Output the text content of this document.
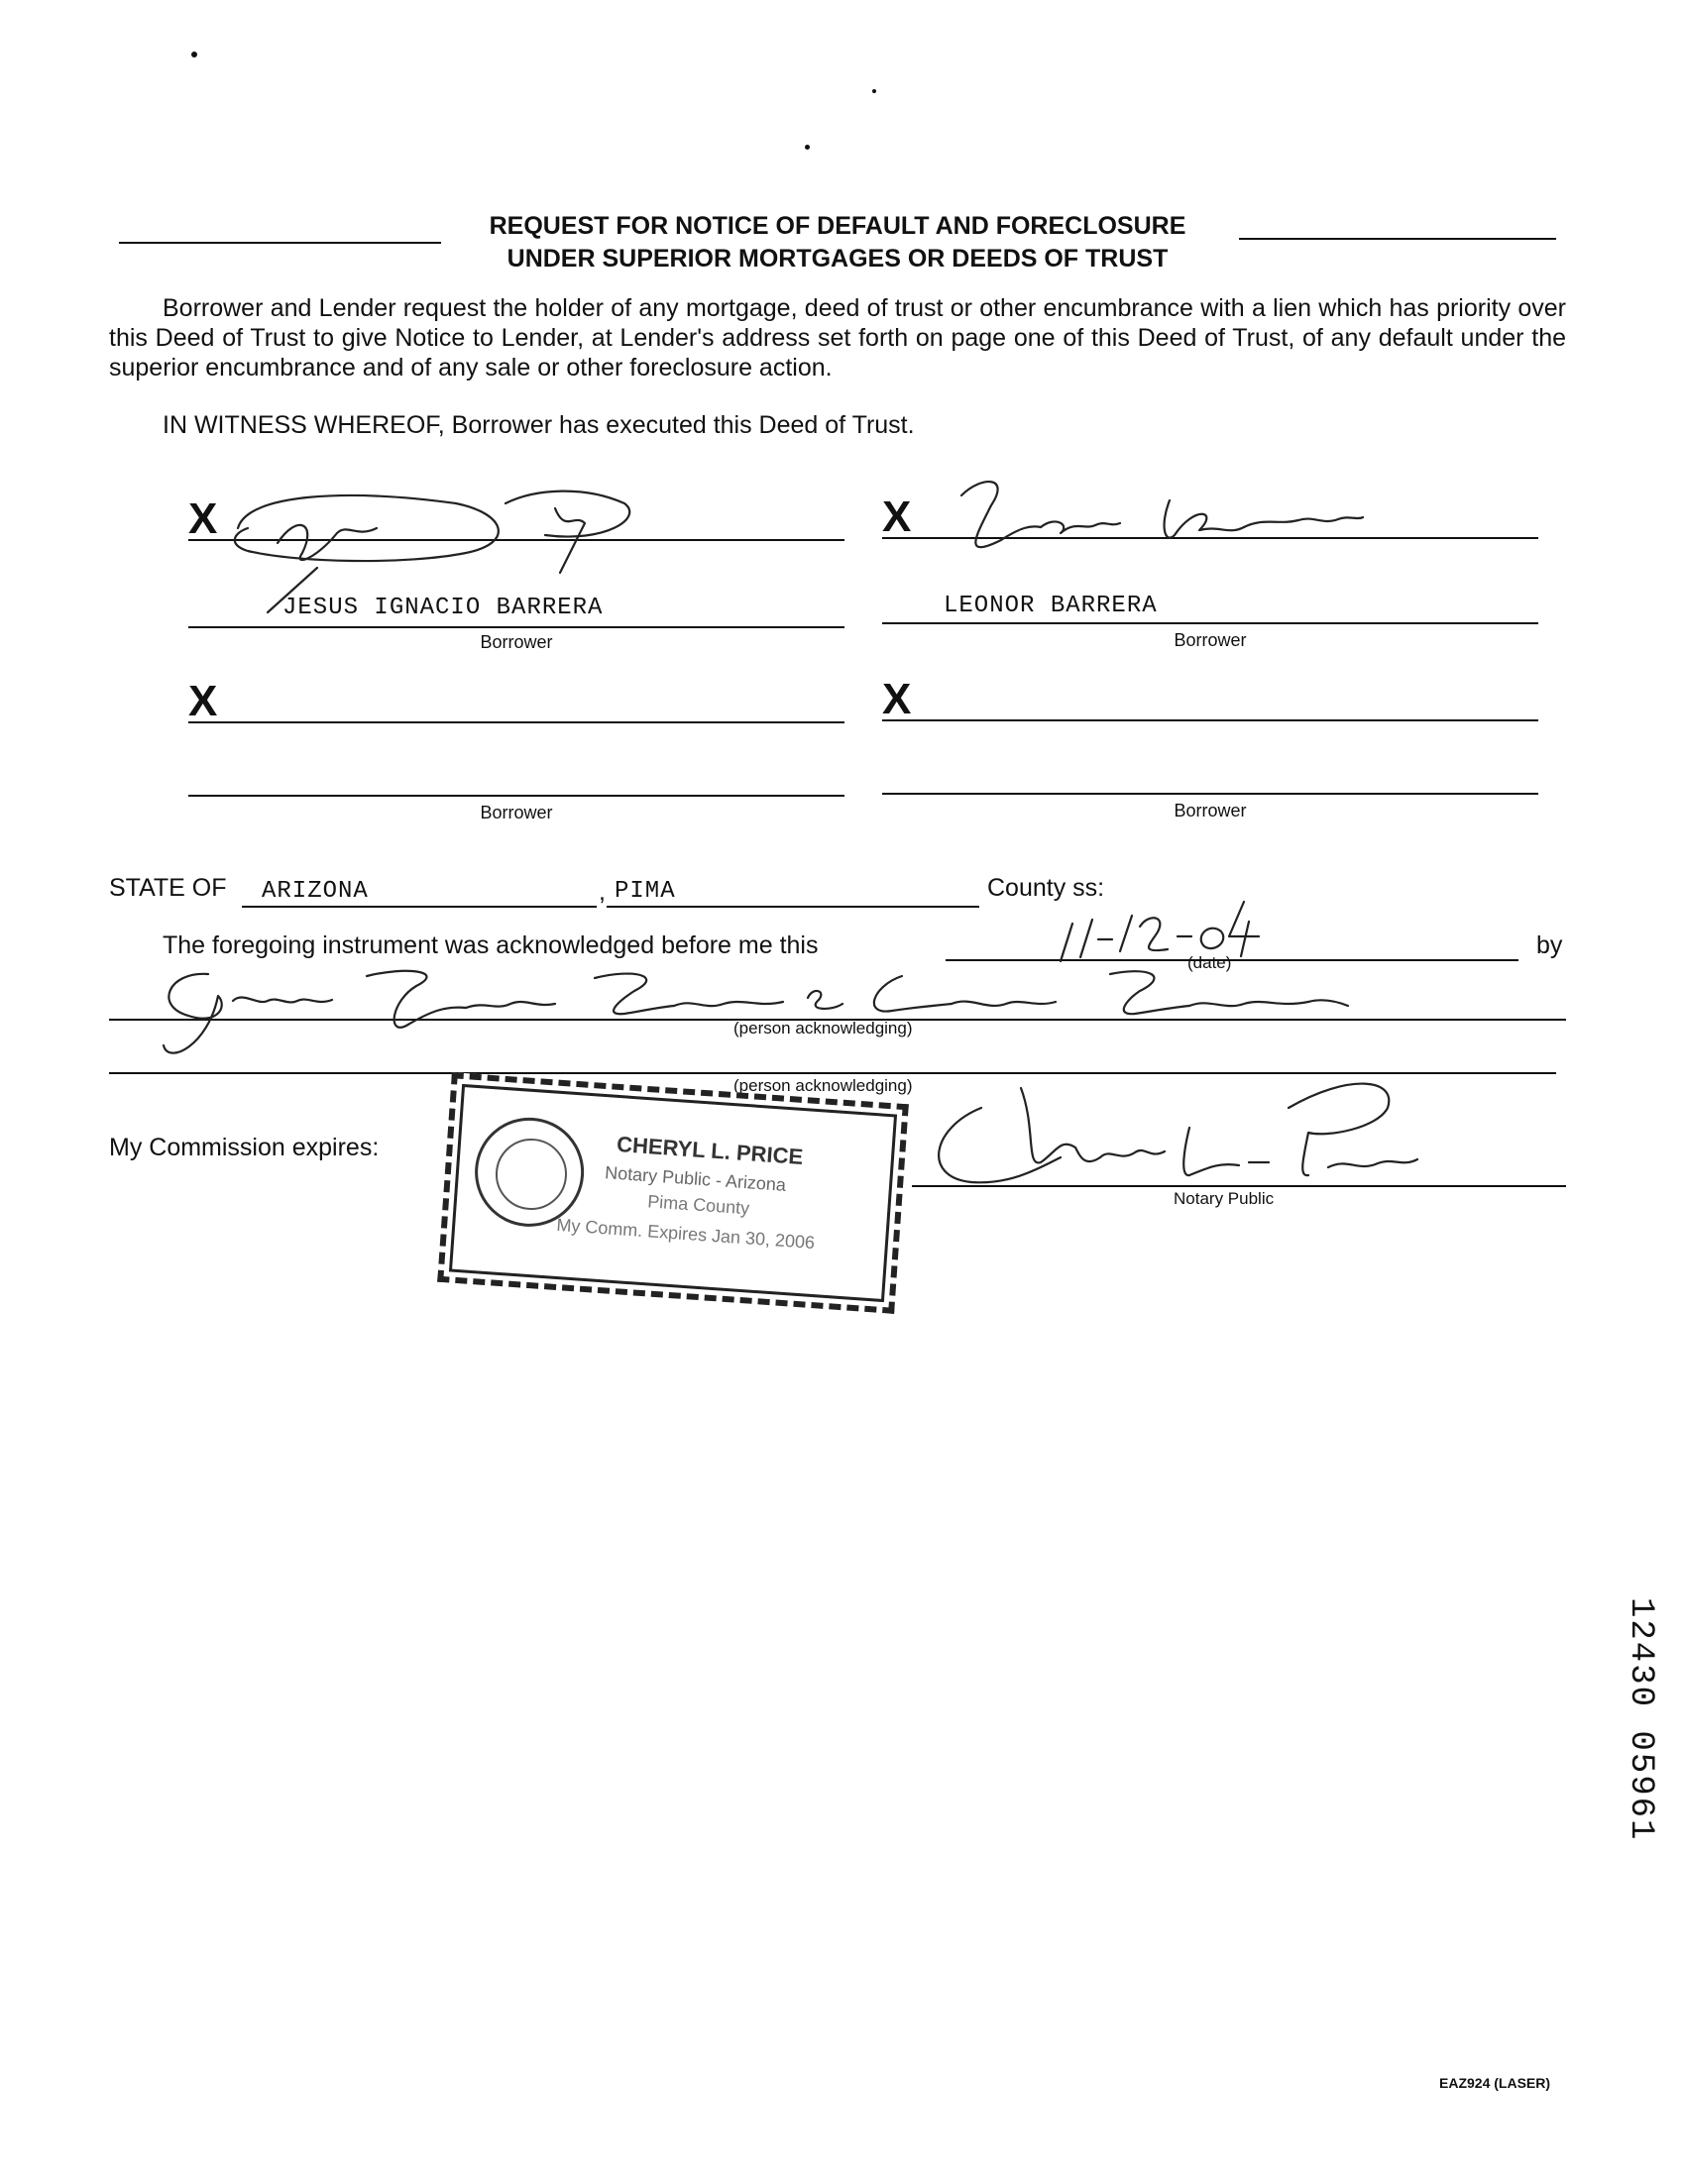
REQUEST FOR NOTICE OF DEFAULT AND FORECLOSURE
UNDER SUPERIOR MORTGAGES OR DEEDS OF TRUST
Borrower and Lender request the holder of any mortgage, deed of trust or other encumbrance with a lien which has priority over this Deed of Trust to give Notice to Lender, at Lender's address set forth on page one of this Deed of Trust, of any default under the superior encumbrance and of any sale or other foreclosure action.
IN WITNESS WHEREOF, Borrower has executed this Deed of Trust.
X	X
JESUS IGNACIO BARRERA
Borrower
LEONOR BARRERA
Borrower
X	X
Borrower	Borrower
STATE OF ARIZONA	, PIMA	County ss:
The foregoing instrument was acknowledged before me this
(date)
by
(person acknowledging)
(person acknowledging)
My Commission expires:	CHERYL L. PRICE
Notary Public - Arizona
Pima County
My Comm. Expires Jan 30, 2006
Notary Public
12430 05961
EAZ924 (LASER)
